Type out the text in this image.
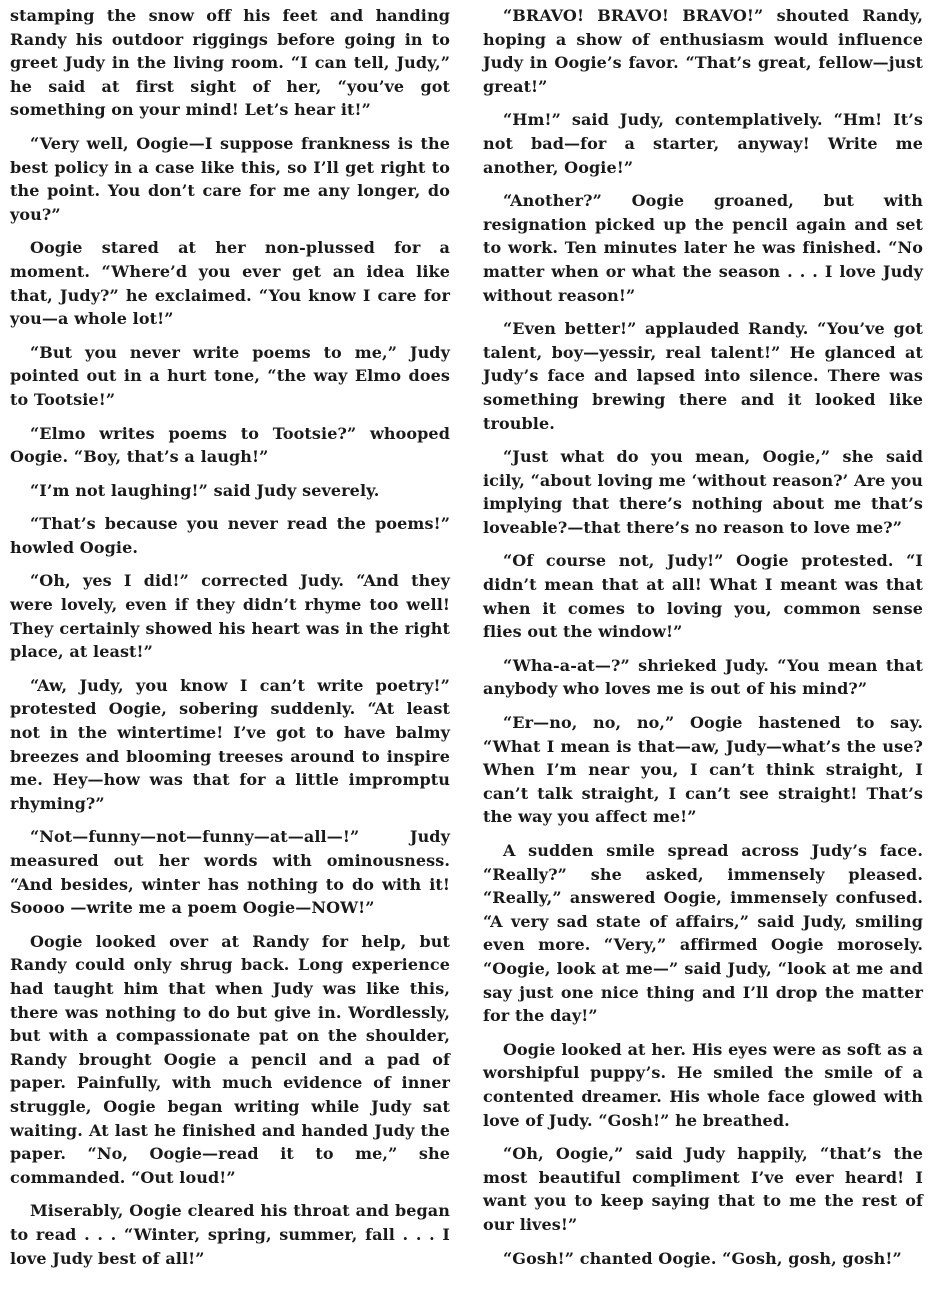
stamping the snow off his feet and handing Randy his outdoor riggings before going in to greet Judy in the living room. “I can tell, Judy,” he said at first sight of her, “you’ve got something on your mind! Let’s hear it!”

“Very well, Oogie—I suppose frankness is the best policy in a case like this, so I’ll get right to the point. You don’t care for me any longer, do you?”

Oogie stared at her non-plussed for a moment. “Where’d you ever get an idea like that, Judy?” he exclaimed. “You know I care for you—a whole lot!”

“But you never write poems to me,” Judy pointed out in a hurt tone, “the way Elmo does to Tootsie!”

“Elmo writes poems to Tootsie?” whooped Oogie. “Boy, that’s a laugh!”

“I’m not laughing!” said Judy severely.

“That’s because you never read the poems!” howled Oogie.

“Oh, yes I did!” corrected Judy. “And they were lovely, even if they didn’t rhyme too well! They certainly showed his heart was in the right place, at least!”

“Aw, Judy, you know I can’t write poetry!” protested Oogie, sobering suddenly. “At least not in the wintertime! I’ve got to have balmy breezes and blooming treeses around to inspire me. Hey—how was that for a little impromptu rhyming?”

“Not—funny—not—funny—at—all—!” Judy measured out her words with ominousness. “And besides, winter has nothing to do with it! Soooo —write me a poem Oogie—NOW!”

Oogie looked over at Randy for help, but Randy could only shrug back. Long experience had taught him that when Judy was like this, there was nothing to do but give in. Wordlessly, but with a compassionate pat on the shoulder, Randy brought Oogie a pencil and a pad of paper. Painfully, with much evidence of inner struggle, Oogie began writing while Judy sat waiting. At last he finished and handed Judy the paper. “No, Oogie—read it to me,” she commanded. “Out loud!”

Miserably, Oogie cleared his throat and began to read . . . “Winter, spring, summer, fall . . . I love Judy best of all!”

“BRAVO! BRAVO! BRAVO!” shouted Randy, hoping a show of enthusiasm would influence Judy in Oogie’s favor. “That’s great, fellow—just great!”

“Hm!” said Judy, contemplatively. “Hm! It’s not bad—for a starter, anyway! Write me another, Oogie!”

“Another?” Oogie groaned, but with resignation picked up the pencil again and set to work. Ten minutes later he was finished. “No matter when or what the season . . . I love Judy without reason!”

“Even better!” applauded Randy. “You’ve got talent, boy—yessir, real talent!” He glanced at Judy’s face and lapsed into silence. There was something brewing there and it looked like trouble.

“Just what do you mean, Oogie,” she said icily, “about loving me ‘without reason?’ Are you implying that there’s nothing about me that’s loveable?—that there’s no reason to love me?”

“Of course not, Judy!” Oogie protested. “I didn’t mean that at all! What I meant was that when it comes to loving you, common sense flies out the window!”

“Wha-a-at—?” shrieked Judy. “You mean that anybody who loves me is out of his mind?”

“Er—no, no, no,” Oogie hastened to say. “What I mean is that—aw, Judy—what’s the use? When I’m near you, I can’t think straight, I can’t talk straight, I can’t see straight! That’s the way you affect me!”

A sudden smile spread across Judy’s face. “Really?” she asked, immensely pleased. “Really,” answered Oogie, immensely confused. “A very sad state of affairs,” said Judy, smiling even more. “Very,” affirmed Oogie morosely. “Oogie, look at me—” said Judy, “look at me and say just one nice thing and I’ll drop the matter for the day!”

Oogie looked at her. His eyes were as soft as a worshipful puppy’s. He smiled the smile of a contented dreamer. His whole face glowed with love of Judy. “Gosh!” he breathed.

“Oh, Oogie,” said Judy happily, “that’s the most beautiful compliment I’ve ever heard! I want you to keep saying that to me the rest of our lives!”

“Gosh!” chanted Oogie. “Gosh, gosh, gosh!”
